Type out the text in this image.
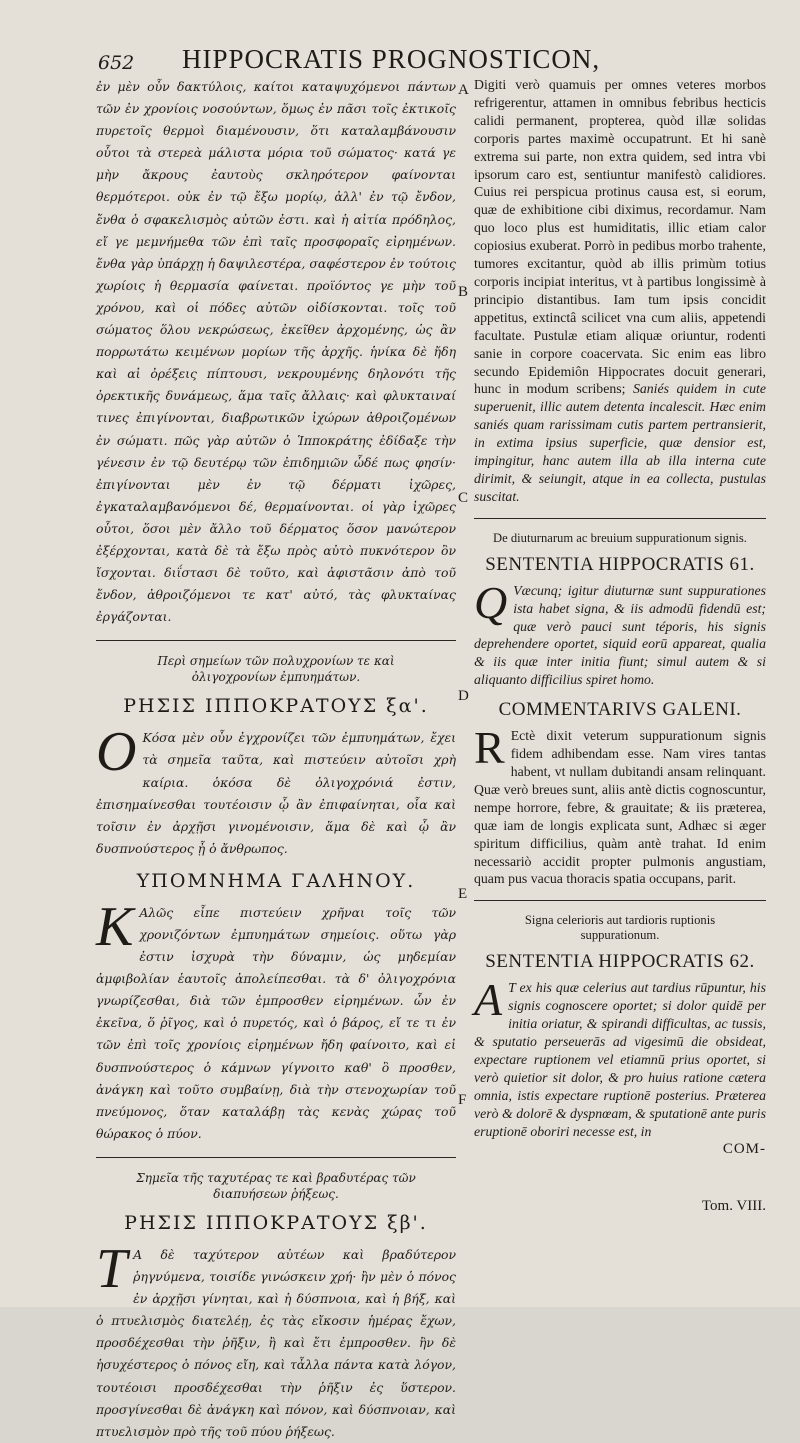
652 HIPPOCRATIS PROGNOSTICON,

ἐν μὲν οὖν δακτύλοις, καίτοι καταψυχόμενοι πάντων τῶν ἐν χρονίοις νοσούντων, ὅμως ἐν πᾶσι τοῖς ἐκτικοῖς πυρετοῖς θερμοὶ διαμένουσιν, ὅτι καταλαμβάνουσιν οὗτοι τὰ στερεὰ μάλιστα μόρια τοῦ σώματος· κατά γε μὴν ἄκρους ἐαυτοὺς σκληρότερον φαίνονται θερμότεροι. οὐκ ἐν τῷ ἔξω μορίῳ, ἀλλ' ἐν τῷ ἔνδον, ἔνθα ὁ σφακελισμὸς αὐτῶν ἐστι. καὶ ἡ αἰτία πρόδηλος, εἴ γε μεμνήμεθα τῶν ἐπὶ ταῖς προσφοραῖς εἰρημένων. ἔνθα γὰρ ὑπάρχῃ ἡ δαψιλεστέρα, σαφέστερον ἐν τούτοις χωρίοις ἡ θερμασία φαίνεται. προϊόντος γε μὴν τοῦ χρόνου, καὶ οἱ πόδες αὐτῶν οἰδίσκονται. τοῖς τοῦ σώματος ὅλου νεκρώσεως, ἐκεῖθεν ἀρχομένης, ὡς ἂν πορρωτάτω κειμένων μορίων τῆς ἀρχῆς. ἡνίκα δὲ ἤδη καὶ αἱ ὀρέξεις πίπτουσι, νεκρουμένης δηλονότι τῆς ὀρεκτικῆς δυνάμεως, ἅμα ταῖς ἄλλαις· καὶ φλυκταιναί τινες ἐπιγίνονται, διαβρωτικῶν ἰχώρων ἀθροιζομένων ἐν σώματι. πῶς γὰρ αὐτῶν ὁ Ἱπποκράτης ἐδίδαξε τὴν γένεσιν ἐν τῷ δευτέρῳ τῶν ἐπιδημιῶν ὧδέ πως φησίν· ἐπιγίνονται μὲν ἐν τῷ δέρματι ἰχῶρες, ἐγκαταλαμβανόμενοι δέ, θερμαίνονται. οἱ γὰρ ἰχῶρες οὗτοι, ὅσοι μὲν ἄλλο τοῦ δέρματος ὅσον μανώτερον ἐξέρχονται, κατὰ δὲ τὰ ἔξω πρὸς αὐτὸ πυκνότερον ὂν ἴσχονται. διΐστασι δὲ τοῦτο, καὶ ἀφιστᾶσιν ἀπὸ τοῦ ἔνδον, ἀθροιζόμενοι τε κατ' αὐτό, τὰς φλυκταίνας ἐργάζονται.

Περὶ σημείων τῶν πολυχρονίων τε καὶ ὀλιγοχρονίων ἐμπυημάτων.
ΡΗΣΙΣ ΙΠΠΟΚΡΑΤΟΥΣ ξα'.

Ο Κόσα μὲν οὖν ἐγχρονίζει τῶν ἐμπυημάτων, ἔχει τὰ σημεῖα ταῦτα, καὶ πιστεύειν αὐτοῖσι χρὴ καίρια. ὁκόσα δὲ ὀλιγοχρόνιά ἐστιν, ἐπισημαίνεσθαι τουτέοισιν ᾧ ἂν ἐπιφαίνηται, οἷα καὶ τοῖσιν ἐν ἀρχῇσι γινομένοισιν, ἅμα δὲ καὶ ᾧ ἂν δυσπνούστερος ᾖ ὁ ἄνθρωπος.

ΥΠΟΜΝΗΜΑ ΓΑΛΗΝΟΥ.

Κ Αλῶς εἶπε πιστεύειν χρῆναι τοῖς τῶν χρονιζόντων ἐμπυημάτων σημείοις. οὕτω γὰρ ἐστιν ἰσχυρὰ τὴν δύναμιν, ὡς μηδεμίαν ἀμφιβολίαν ἑαυτοῖς ἀπολείπεσθαι. τὰ δ' ὀλιγοχρόνια γνωρίζεσθαι, διὰ τῶν ἐμπροσθεν εἰρημένων. ὧν ἐν ἐκεῖνα, ὅ ῥῖγος, καὶ ὁ πυρετός, καὶ ὁ βάρος, εἴ τε τι ἐν τῶν ἐπὶ τοῖς χρονίοις εἰρημένων ἤδη φαίνοιτο, καὶ εἰ δυσπνούστερος ὁ κάμνων γίγνοιτο καθ' ὃ προσθεν, ἀνάγκη καὶ τοῦτο συμβαίνῃ, διὰ τὴν στενοχωρίαν τοῦ πνεύμονος, ὅταν καταλάβῃ τὰς κενὰς χώρας τοῦ θώρακος ὁ πύον.

Σημεῖα τῆς ταχυτέρας τε καὶ βραδυτέρας τῶν διαπυήσεων ῥήξεως.
ΡΗΣΙΣ ΙΠΠΟΚΡΑΤΟΥΣ ξβ'.

Τ Α δὲ ταχύτερον αὐτέων καὶ βραδύτερον ῥηγνύμενα, τοισίδε γινώσκειν χρή· ἢν μὲν ὁ πόνος ἐν ἀρχῇσι γίνηται, καὶ ἡ δύσπνοια, καὶ ἡ βήξ, καὶ ὁ πτυελισμὸς διατελέῃ, ἐς τὰς εἴκοσιν ἡμέρας ἔχων, προσδέχεσθαι τὴν ῥῆξιν, ἢ καὶ ἔτι ἐμπροσθεν. ἢν δὲ ἡσυχέστερος ὁ πόνος εἴη, καὶ τἆλλα πάντα κατὰ λόγον, τουτέοισι προσδέχεσθαι τὴν ῥῆξιν ἐς ὕστερον. προσγίνεσθαι δὲ ἀνάγκη καὶ πόνον, καὶ δύσπνοιαν, καὶ πτυελισμὸν πρὸ τῆς τοῦ πύου ῥήξεως.

A
B
C
D
E
F

Digiti verò quamuis per omnes veteres morbos refrigerentur, attamen in omnibus febribus hecticis calidi permanent, propterea, quòd illæ solidas corporis partes maximè occupatrunt. Et hi sanè extrema sui parte, non extra quidem, sed intra vbi ipsorum caro est, sentiuntur manifestò calidiores. Cuius rei perspicua protinus causa est, si eorum, quæ de exhibitione cibi diximus, recordamur. Nam quo loco plus est humiditatis, illic etiam calor copiosius exuberat. Porrò in pedibus morbo trahente, tumores excitantur, quòd ab illis primùm totius corporis incipiat interitus, vt à partibus longissimè à principio distantibus. Iam tum ipsis concidit appetitus, extinctâ scilicet vna cum aliis, appetendi facultate. Pustulæ etiam aliquæ oriuntur, rodenti sanie in corpore coacervata. Sic enim eas libro secundo Epidemiôn Hippocrates docuit generari, hunc in modum scribens; Saniés quidem in cute superuenit, illic autem detenta incalescit. Hæc enim saniés quam rarissimam cutis partem pertransierit, in extima ipsius superficie, quæ densior est, impingitur, hanc autem illa ab illa interna cute dirimit, & seiungit, atque in ea collecta, pustulas suscitat.

De diuturnarum ac breuium suppurationum signis.
SENTENTIA HIPPOCRATIS 61.

Q Væcunq; igitur diuturnæ sunt suppurationes ista habet signa, & iis admodū fidendū est; quæ verò pauci sunt téporis, his signis deprehendere oportet, siquid eorū appareat, qualia & iis quæ inter initia fiunt; simul autem & si aliquanto difficilius spiret homo.

COMMENTARIVS GALENI.

R Ectè dixit veterum suppurationum signis fidem adhibendam esse. Nam vires tantas habent, vt nullam dubitandi ansam relinquant. Quæ verò breues sunt, aliis antè dictis cognoscuntur, nempe horrore, febre, & grauitate; & iis præterea, quæ iam de longis explicata sunt, Adhæc si æger spiritum difficilius, quàm antè trahat. Id enim necessariò accidit propter pulmonis angustiam, quam pus vacua thoracis spatia occupans, parit.

Signa celerioris aut tardioris ruptionis suppurationum.
SENTENTIA HIPPOCRATIS 62.

A T ex his quæ celerius aut tardius rūpuntur, his signis cognoscere oportet; si dolor quidē per initia oriatur, & spirandi difficultas, ac tussis, & sputatio perseuerās ad vigesimū die obsideat, expectare ruptionem vel etiamnū prius oportet, si verò quietior sit dolor, & pro huius ratione cætera omnia, istis expectare ruptionē posterius. Præterea verò & dolorē & dyspnœam, & sputationē ante puris eruptionē oboriri necesse est, in

COM-

Tom. VIII.
